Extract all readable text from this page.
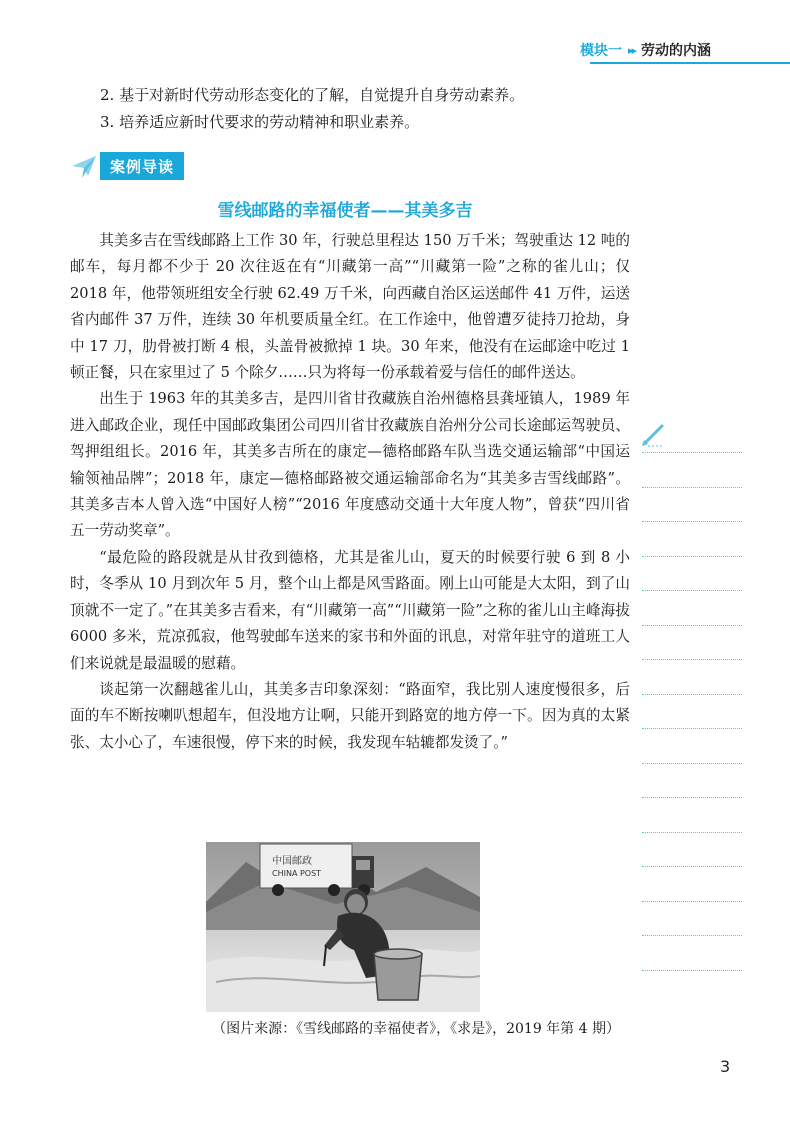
模块一 ▸▸ 劳动的内涵

2. 基于对新时代劳动形态变化的了解，自觉提升自身劳动素养。

3. 培养适应新时代要求的劳动精神和职业素养。

案例导读
雪线邮路的幸福使者——其美多吉

其美多吉在雪线邮路上工作 30 年，行驶总里程达 150 万千米；驾驶重达 12 吨的邮车，每月都不少于 20 次往返在有“川藏第一高”“川藏第一险”之称的雀儿山；仅 2018 年，他带领班组安全行驶 62.49 万千米，向西藏自治区运送邮件 41 万件，运送省内邮件 37 万件，连续 30 年机要质量全红。在工作途中，他曾遭歹徒持刀抢劫，身中 17 刀，肋骨被打断 4 根，头盖骨被掀掉 1 块。30 年来，他没有在运邮途中吃过 1 顿正餐，只在家里过了 5 个除夕……只为将每一份承载着爱与信任的邮件送达。

出生于 1963 年的其美多吉，是四川省甘孜藏族自治州德格县龚垭镇人，1989 年进入邮政企业，现任中国邮政集团公司四川省甘孜藏族自治州分公司长途邮运驾驶员、驾押组组长。2016 年，其美多吉所在的康定—德格邮路车队当选交通运输部“中国运输领袖品牌”；2018 年，康定—德格邮路被交通运输部命名为“其美多吉雪线邮路”。其美多吉本人曾入选“中国好人榜”“2016 年度感动交通十大年度人物”，曾获“四川省五一劳动奖章”。

“最危险的路段就是从甘孜到德格，尤其是雀儿山，夏天的时候要行驶 6 到 8 小时，冬季从 10 月到次年 5 月，整个山上都是风雪路面。刚上山可能是大太阳，到了山顶就不一定了。”在其美多吉看来，有“川藏第一高”“川藏第一险”之称的雀儿山主峰海拔 6000 多米，荒凉孤寂，他驾驶邮车送来的家书和外面的讯息，对常年驻守的道班工人们来说就是最温暖的慰藉。

谈起第一次翻越雀儿山，其美多吉印象深刻：“路面窄，我比别人速度慢很多，后面的车不断按喇叭想超车，但没地方让啊，只能开到路宽的地方停一下。因为真的太紧张、太小心了，车速很慢，停下来的时候，我发现车轱辘都发烫了。”

中国邮政
CHINA POST
（图片来源：《雪线邮路的幸福使者》，《求是》，2019 年第 4 期）
3
